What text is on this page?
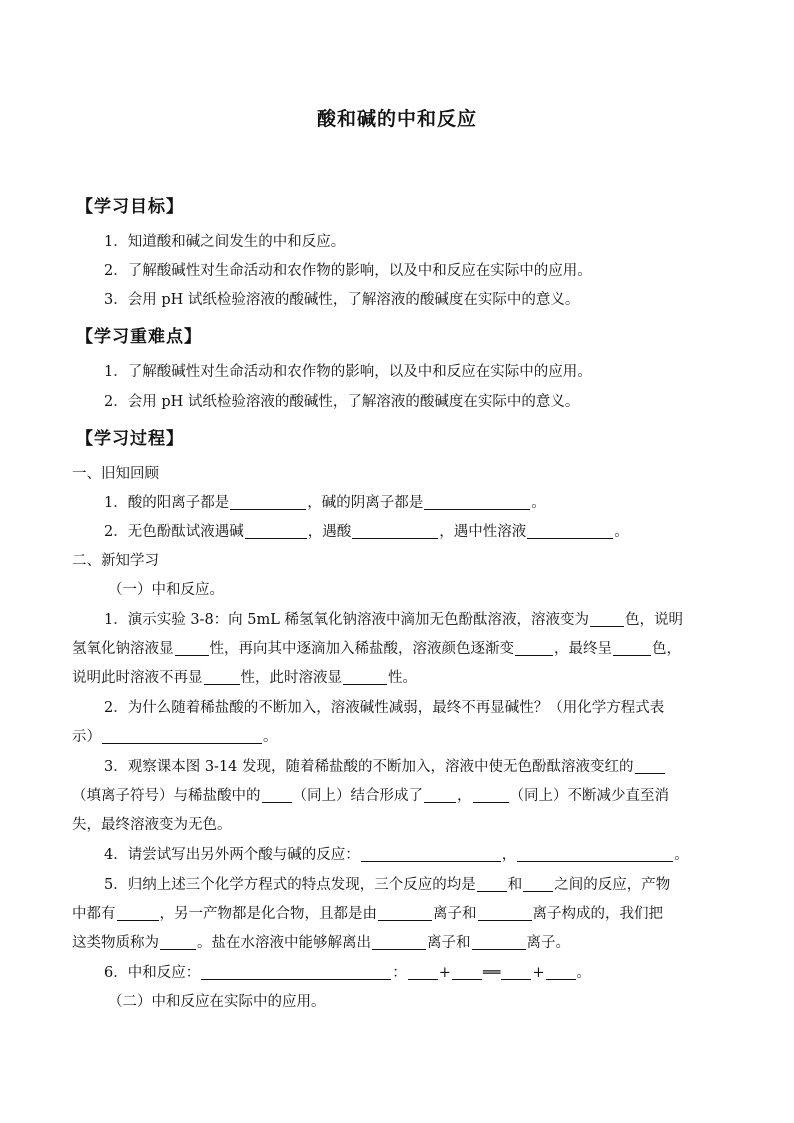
酸和碱的中和反应
【学习目标】
1．知道酸和碱之间发生的中和反应。
2．了解酸碱性对生命活动和农作物的影响，以及中和反应在实际中的应用。
3．会用 pH 试纸检验溶液的酸碱性，了解溶液的酸碱度在实际中的意义。
【学习重难点】
1．了解酸碱性对生命活动和农作物的影响，以及中和反应在实际中的应用。
2．会用 pH 试纸检验溶液的酸碱性，了解溶液的酸碱度在实际中的意义。
【学习过程】
一、旧知回顾
1．酸的阳离子都是	，碱的阴离子都是	。
2．无色酚酞试液遇碱	，遇酸	，遇中性溶液	。
二、新知学习
（一）中和反应。
1．演示实验 3-8：向 5mL 稀氢氧化钠溶液中滴加无色酚酞溶液，溶液变为 色，说明
氢氧化钠溶液显 性，再向其中逐滴加入稀盐酸，溶液颜色逐渐变	，最终呈	色，
说明此时溶液不再显	性，此时溶液显	性。
2．为什么随着稀盐酸的不断加入，溶液碱性减弱，最终不再显碱性？（用化学方程式表
示）	。
3．观察课本图 3-14 发现，随着稀盐酸的不断加入，溶液中使无色酚酞溶液变红的
（填离子符号）与稀盐酸中的 （同上）结合形成了 ，	（同上）不断减少直至消
失，最终溶液变为无色。
4．请尝试写出另外两个酸与碱的反应：	，	。
5．归纳上述三个化学方程式的特点发现，三个反应的均是 和 之间的反应，产物
中都有	，另一产物都是化合物，且都是由	离子和	离子构成的，我们把
这类物质称为	。盐在水溶液中能够解离出	离子和	离子。
6．中和反应：	： + ══ + 。
（二）中和反应在实际中的应用。
